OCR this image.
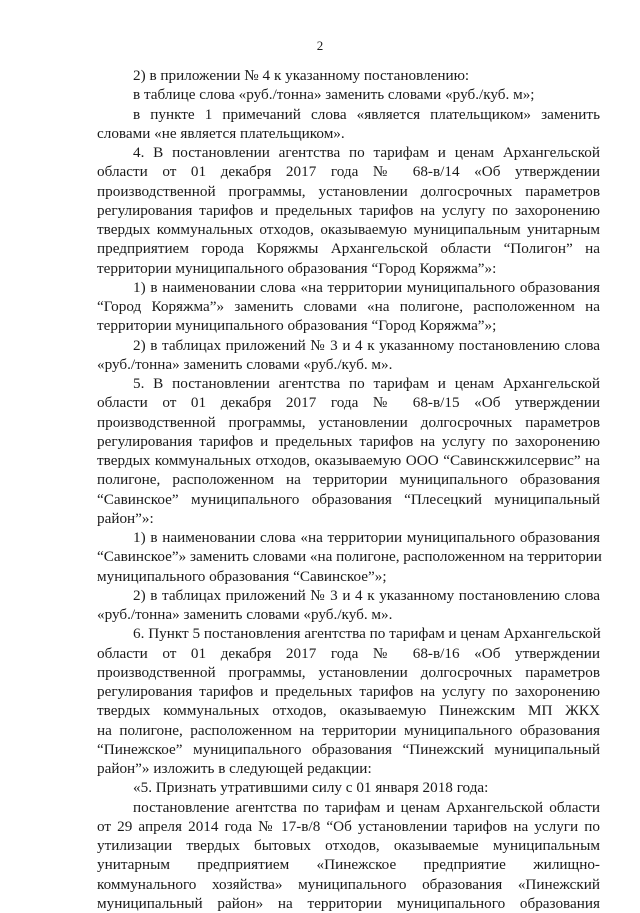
2
2) в приложении № 4 к указанному постановлению:
в таблице слова «руб./тонна» заменить словами «руб./куб. м»;
в пункте 1 примечаний слова «является плательщиком» заменить
словами «не является плательщиком».
4. В постановлении агентства по тарифам и ценам Архангельской
области от 01 декабря 2017 года № 68-в/14 «Об утверждении
производственной программы, установлении долгосрочных параметров
регулирования тарифов и предельных тарифов на услугу по захоронению
твердых коммунальных отходов, оказываемую муниципальным унитарным
предприятием города Коряжмы Архангельской области “Полигон” на
территории муниципального образования “Город Коряжма”»:
1) в наименовании слова «на территории муниципального образования
“Город Коряжма”» заменить словами «на полигоне, расположенном на
территории муниципального образования “Город Коряжма”»;
2) в таблицах приложений № 3 и 4 к указанному постановлению слова
«руб./тонна» заменить словами «руб./куб. м».
5. В постановлении агентства по тарифам и ценам Архангельской
области от 01 декабря 2017 года № 68-в/15 «Об утверждении
производственной программы, установлении долгосрочных параметров
регулирования тарифов и предельных тарифов на услугу по захоронению
твердых коммунальных отходов, оказываемую ООО “Савинскжилсервис” на
полигоне, расположенном на территории муниципального образования
“Савинское” муниципального образования “Плесецкий муниципальный
район”»:
1) в наименовании слова «на территории муниципального образования
“Савинское”» заменить словами «на полигоне, расположенном на территории
муниципального образования “Савинское”»;
2) в таблицах приложений № 3 и 4 к указанному постановлению слова
«руб./тонна» заменить словами «руб./куб. м».
6. Пункт 5 постановления агентства по тарифам и ценам Архангельской
области от 01 декабря 2017 года № 68-в/16 «Об утверждении
производственной программы, установлении долгосрочных параметров
регулирования тарифов и предельных тарифов на услугу по захоронению
твердых коммунальных отходов, оказываемую Пинежским МП ЖКХ
на полигоне, расположенном на территории муниципального образования
“Пинежское” муниципального образования “Пинежский муниципальный
район”» изложить в следующей редакции:
«5. Признать утратившими силу с 01 января 2018 года:
постановление агентства по тарифам и ценам Архангельской области
от 29 апреля 2014 года № 17-в/8 “Об установлении тарифов на услуги по
утилизации твердых бытовых отходов, оказываемые муниципальным
унитарным предприятием «Пинежское предприятие жилищно-
коммунального хозяйства» муниципального образования «Пинежский
муниципальный район» на территории муниципального образования
